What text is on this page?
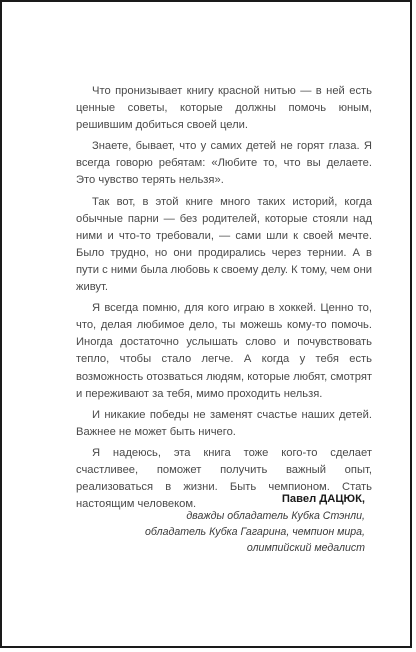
Что пронизывает книгу красной нитью — в ней есть ценные советы, которые должны помочь юным, решившим добиться своей цели.

Знаете, бывает, что у самих детей не горят глаза. Я всегда говорю ребятам: «Любите то, что вы делаете. Это чувство терять нельзя».

Так вот, в этой книге много таких историй, когда обычные парни — без родителей, которые стояли над ними и что-то требовали, — сами шли к своей мечте. Было трудно, но они продирались через тернии. А в пути с ними была любовь к своему делу. К тому, чем они живут.

Я всегда помню, для кого играю в хоккей. Ценно то, что, делая любимое дело, ты можешь кому-то помочь. Иногда достаточно услышать слово и почувствовать тепло, чтобы стало легче. А когда у тебя есть возможность отозваться людям, которые любят, смотрят и переживают за тебя, мимо проходить нельзя.

И никакие победы не заменят счастье наших детей. Важнее не может быть ничего.

Я надеюсь, эта книга тоже кого-то сделает счастливее, поможет получить важный опыт, реализоваться в жизни. Быть чемпионом. Стать настоящим человеком.	Павел ДАЦЮК,
дважды обладатель Кубка Стэнли,
обладатель Кубка Гагарина, чемпион мира,
олимпийский медалист
